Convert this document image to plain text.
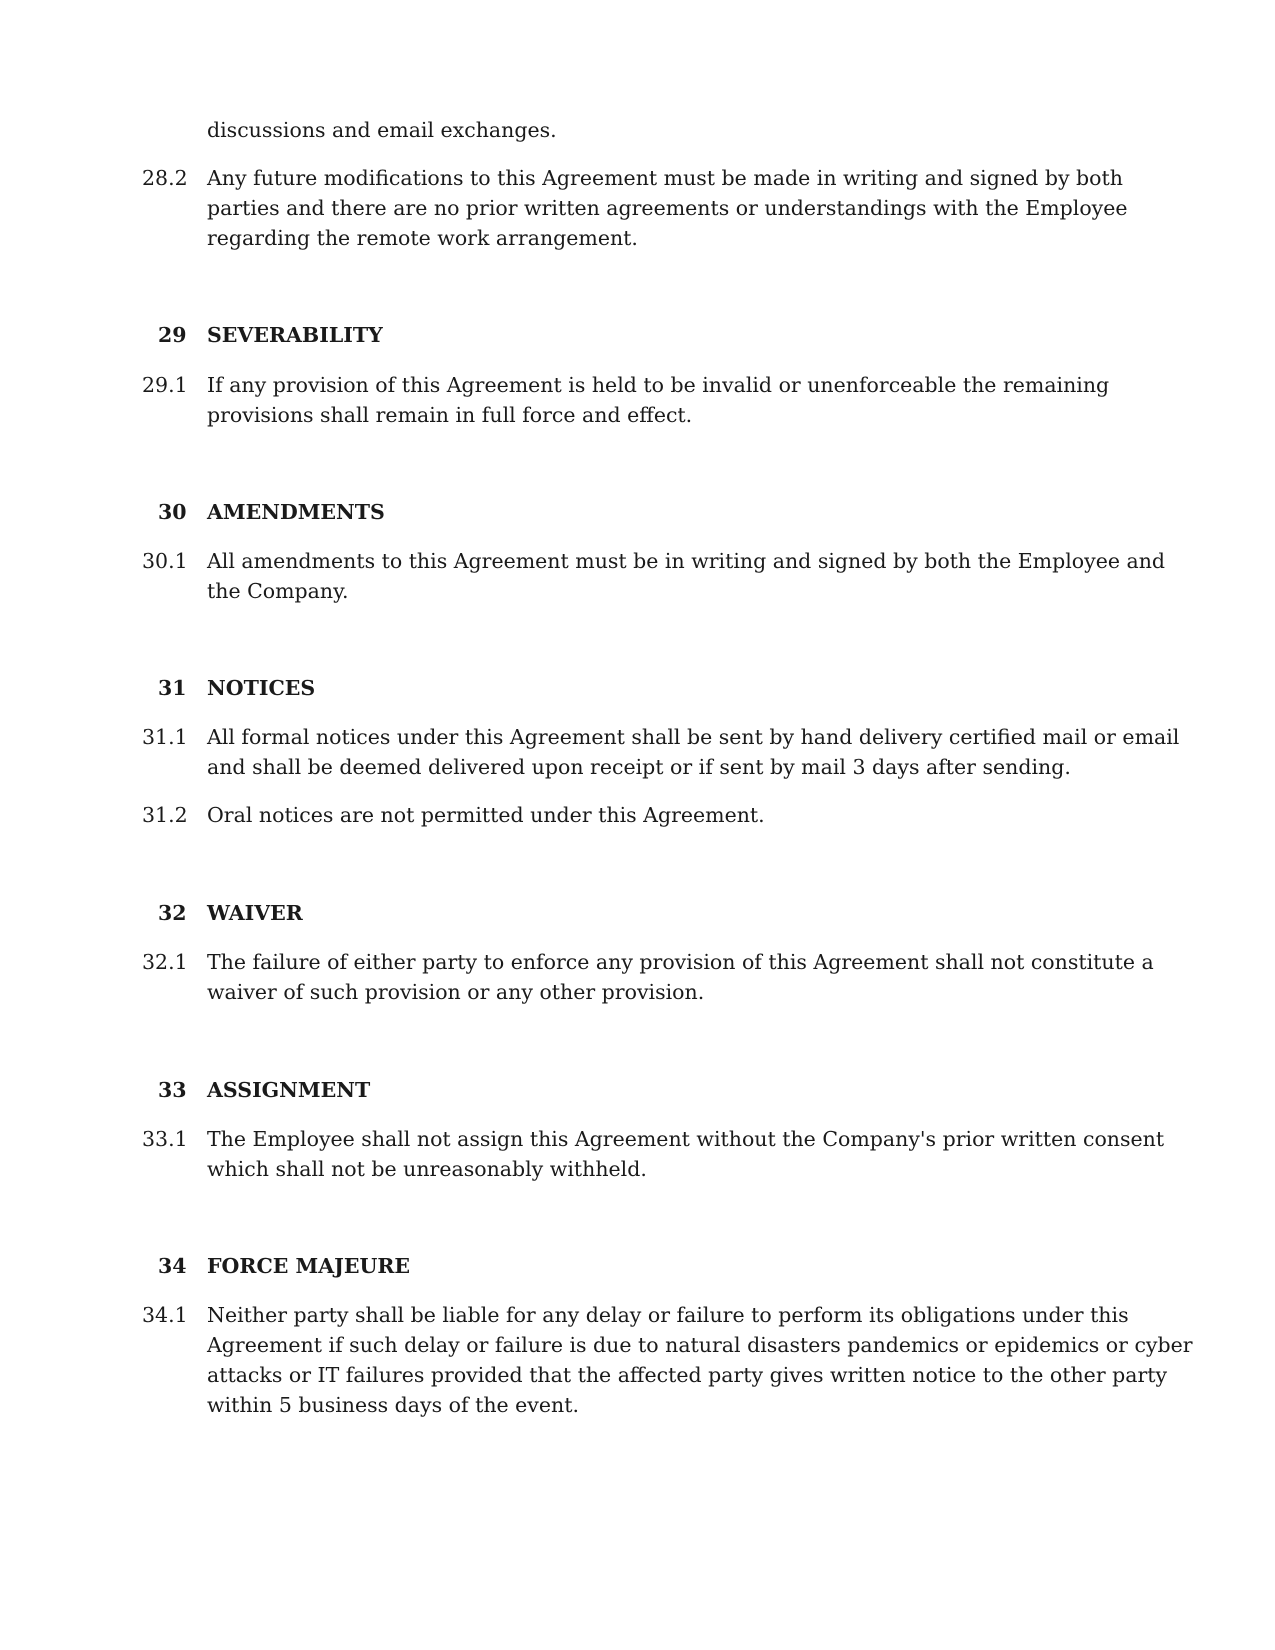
discussions and email exchanges.
28.2 Any future modifications to this Agreement must be made in writing and signed by both
parties and there are no prior written agreements or understandings with the Employee
regarding the remote work arrangement.
29 SEVERABILITY
29.1 If any provision of this Agreement is held to be invalid or unenforceable the remaining
provisions shall remain in full force and effect.
30 AMENDMENTS
30.1 All amendments to this Agreement must be in writing and signed by both the Employee and
the Company.
31 NOTICES
31.1 All formal notices under this Agreement shall be sent by hand delivery certified mail or email
and shall be deemed delivered upon receipt or if sent by mail 3 days after sending.
31.2 Oral notices are not permitted under this Agreement.
32 WAIVER
32.1 The failure of either party to enforce any provision of this Agreement shall not constitute a
waiver of such provision or any other provision.
33 ASSIGNMENT
33.1 The Employee shall not assign this Agreement without the Company's prior written consent
which shall not be unreasonably withheld.
34 FORCE MAJEURE
34.1 Neither party shall be liable for any delay or failure to perform its obligations under this
Agreement if such delay or failure is due to natural disasters pandemics or epidemics or cyber
attacks or IT failures provided that the affected party gives written notice to the other party
within 5 business days of the event.
